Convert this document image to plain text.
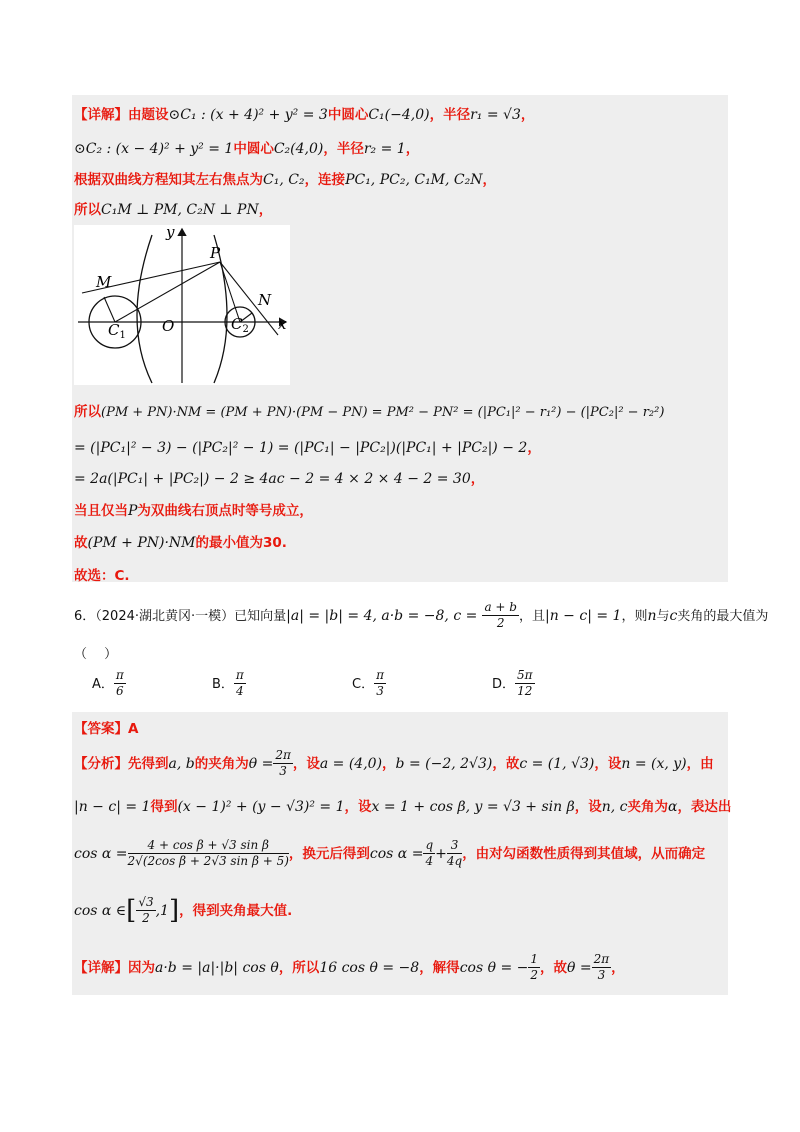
【详解】由题设⊙C₁ : (x + 4)² + y² = 3中圆心C₁(−4,0)，半径r₁ = √3，
⊙C₂ : (x − 4)² + y² = 1中圆心C₂(4,0)，半径r₂ = 1，
根据双曲线方程知其左右焦点为C₁, C₂，连接PC₁, PC₂, C₁M, C₂N，
所以C₁M ⊥ PM, C₂N ⊥ PN，
y
x
P
M
N
O
$C_1$
$C_2$
所以(PM + PN)·NM = (PM + PN)·(PM − PN) = PM² − PN² = (|PC₁|² − r₁²) − (|PC₂|² − r₂²)
= (|PC₁|² − 3) − (|PC₂|² − 1) = (|PC₁| − |PC₂|)(|PC₁| + |PC₂|) − 2，
= 2a(|PC₁| + |PC₂|) − 2 ≥ 4ac − 2 = 4 × 2 × 4 − 2 = 30，
当且仅当P为双曲线右顶点时等号成立，
故(PM + PN)·NM的最小值为30.
故选：C.
6．（2024·湖北黄冈·一模）已知向量|a| = |b| = 4, a·b = −8, $c = \frac{a + b}{2}$ ，且|n − c| = 1，则n与c夹角的最大值为
（　 ）
A． $\frac{\pi}{6}$	B． $\frac{\pi}{4}$	C． $\frac{\pi}{3}$	D． $\frac{5\pi}{12}$
【答案】A
【分析】先得到a, b的夹角为$\theta = \frac{2\pi}{3}$ ，设a = (4,0)，b = (−2, 2√3)，故c = (1, √3)，设n = (x, y)，由
|n − c| = 1得到(x − 1)² + (y − √3)² = 1，设x = 1 + cos β, y = √3 + sin β，设n, c夹角为α，表达出
$\cos \alpha = \frac{\text{4 + cos β + √3 sin β}}{\text{2√(2cos β + 2√3 sin β + 5)}}$ ，换元后得到$\cos \alpha = \frac{q}{4} + \frac{3}{4q}$ ，由对勾函数性质得到其值域，从而确定
cos α ∈[ $\frac{√3}{2} ,1$]，得到夹角最大值.
【详解】因为a·b = |a|·|b| cos θ，所以16 cos θ = −8，解得cos θ = − $\frac{1}{2}$ ，故$\theta = \frac{2\pi}{3}$ ，
